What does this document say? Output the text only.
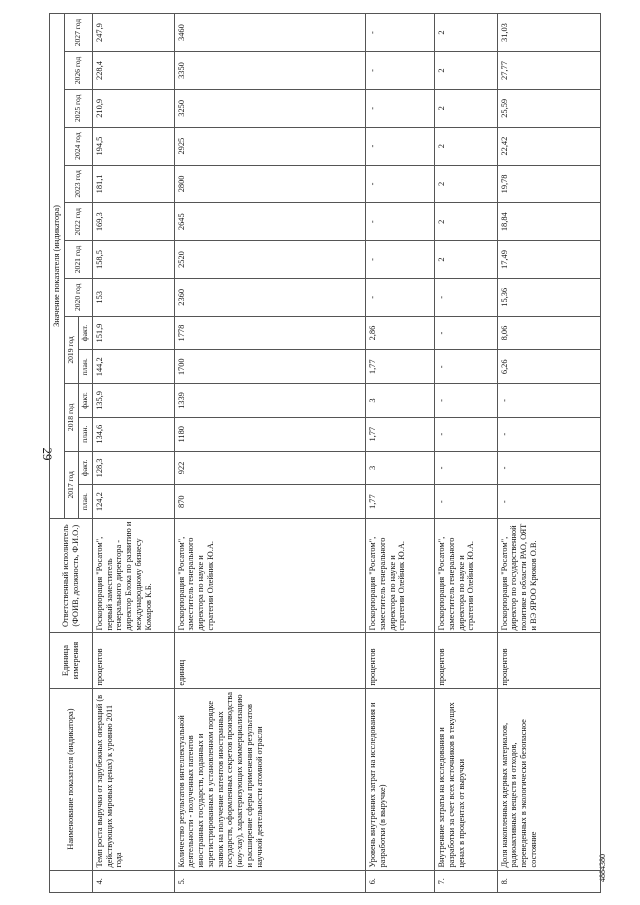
29
4884380
	Наименование показателя (индикатора)	Единица измерения	Ответственный исполнитель (ФОИВ, должность, Ф.И.О.)	Значение показателя (индикатора)													
				2017 год		2018 год		2019 год		2020 год	2021 год	2022 год	2023 год	2024 год	2025 год	2026 год	2027 год
				план.	факт.	план.	факт.	план.	факт.								
4.	Темп роста выручки от зарубежных операций (в действующих мировых ценах) к уровню 2011 года	процентов	Госкорпорация "Росатом", первый заместитель генерального директора - директор Блока по развитию и международному бизнесу Комаров К.Б.	124,2	128,3	134,6	135,9	144,2	151,9	153	158,5	169,3	181,1	194,5	210,9	228,4	247,9
5.	Количество результатов интеллектуальной деятельности - полученных патентов иностранных государств, поданных и зарегистрированных в установленном порядке заявок на получение патентов иностранных государств, оформленных секретов производства (ноу-хау), характеризующих коммерциализацию и расширение сферы применения результатов научной деятельности атомной отрасли	единиц	Госкорпорация "Росатом", заместитель генерального директора по науке и стратегии Олейник Ю.А.	870	922	1180	1339	1700	1778	2360	2520	2645	2800	2925	3250	3350	3460
6.	Уровень внутренних затрат на исследования и разработки (в выручке)	процентов	Госкорпорация "Росатом", заместитель генерального директора по науке и стратегии Олейник Ю.А.	1,77	3	1,77	3	1,77	2,86	-	-	-	-	-	-	-	-
7.	Внутренние затраты на исследования и разработки за счет всех источников в текущих ценах в процентах от выручки	процентов	Госкорпорация "Росатом", заместитель генерального директора по науке и стратегии Олейник Ю.А.	-	-	-	-	-	-	-	2	2	2	2	2	2	2
8.	Доля накопленных ядерных материалов, радиоактивных веществ и отходов, переведенных в экологически безопасное состояние	процентов	Госкорпорация "Росатом", директор по государственной политике в области РАО, ОЯТ и ВЭ ЯРОО Крюков О.В.	-	-	-	-	6,26	8,06	15,36	17,49	18,84	19,78	22,42	25,59	27,77	31,03
